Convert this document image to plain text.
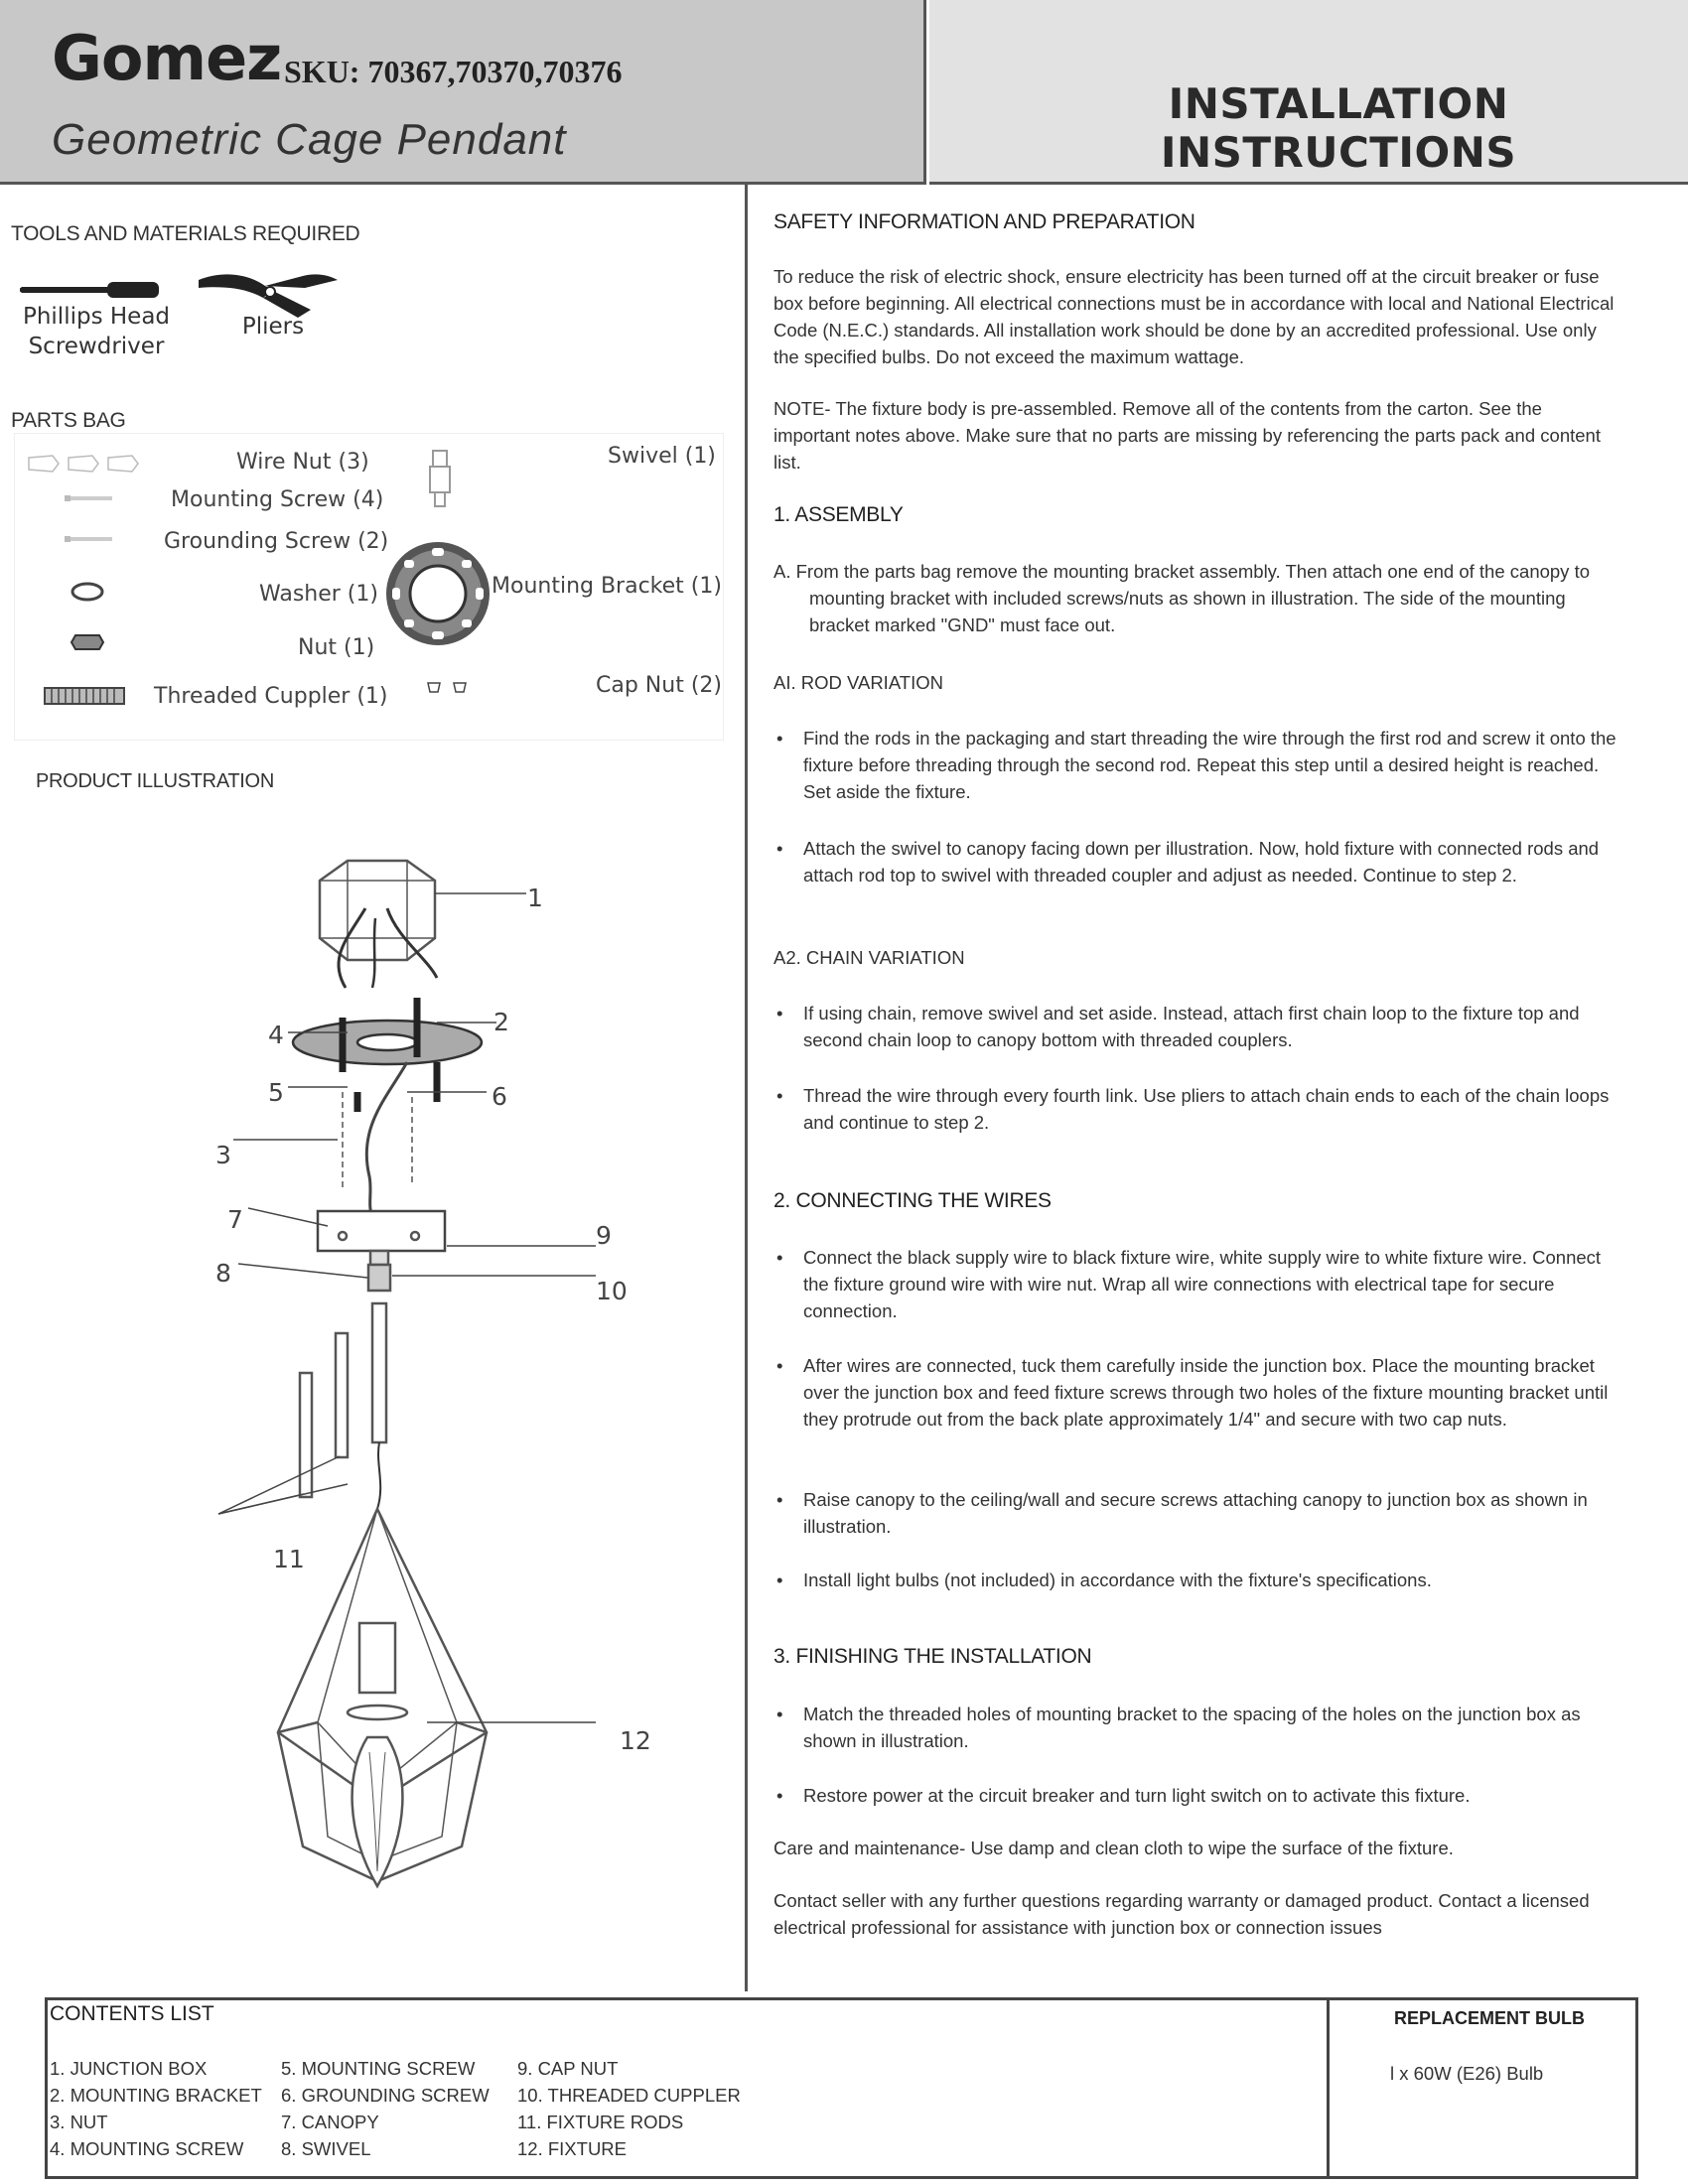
Gomez SKU: 70367,70370,70376
Geometric Cage Pendant
INSTALLATION INSTRUCTIONS
TOOLS AND MATERIALS REQUIRED
Phillips Head
Screwdriver
Pliers
PARTS BAG
Wire Nut (3)
Mounting Screw (4)
Grounding Screw (2)
Washer (1)
Nut (1)
Threaded Cuppler (1)
Swivel (1)
Mounting Bracket (1)
Cap Nut (2)
PRODUCT ILLUSTRATION
1
2
3
4
5	6
7
8
9
10
11
12
SAFETY INFORMATION AND PREPARATION
To reduce the risk of electric shock, ensure electricity has been turned off at the circuit breaker or fuse box before beginning. All electrical connections must be in accordance with local and National Electrical Code (N.E.C.) standards. All installation work should be done by an accredited professional. Use only the specified bulbs. Do not exceed the maximum wattage.
NOTE- The fixture body is pre-assembled. Remove all of the contents from the carton. See the important notes above. Make sure that no parts are missing by referencing the parts pack and content list.
1. ASSEMBLY
A. From the parts bag remove the mounting bracket assembly. Then attach one end of the canopy to mounting bracket with included screws/nuts as shown in illustration. The side of the mounting bracket marked "GND" must face out.
AI. ROD VARIATION
• Find the rods in the packaging and start threading the wire through the first rod and screw it onto the fixture before threading through the second rod. Repeat this step until a desired height is reached. Set aside the fixture.
• Attach the swivel to canopy facing down per illustration. Now, hold fixture with connected rods and attach rod top to swivel with threaded coupler and adjust as needed. Continue to step 2.
A2. CHAIN VARIATION
• If using chain, remove swivel and set aside. Instead, attach first chain loop to the fixture top and second chain loop to canopy bottom with threaded couplers.
• Thread the wire through every fourth link. Use pliers to attach chain ends to each of the chain loops and continue to step 2.
2. CONNECTING THE WIRES
• Connect the black supply wire to black fixture wire, white supply wire to white fixture wire. Connect the fixture ground wire with wire nut. Wrap all wire connections with electrical tape for secure connection.
• After wires are connected, tuck them carefully inside the junction box. Place the mounting bracket over the junction box and feed fixture screws through two holes of the fixture mounting bracket until they protrude out from the back plate approximately 1/4" and secure with two cap nuts.
• Raise canopy to the ceiling/wall and secure screws attaching canopy to junction box as shown in illustration.
• Install light bulbs (not included) in accordance with the fixture's specifications.
3. FINISHING THE INSTALLATION
• Match the threaded holes of mounting bracket to the spacing of the holes on the junction box as shown in illustration.
• Restore power at the circuit breaker and turn light switch on to activate this fixture.
Care and maintenance- Use damp and clean cloth to wipe the surface of the fixture.
Contact seller with any further questions regarding warranty or damaged product. Contact a licensed electrical professional for assistance with junction box or connection issues
CONTENTS LIST	REPLACEMENT BULB
l x 60W (E26) Bulb
1. JUNCTION BOX
2. MOUNTING BRACKET
3. NUT
4. MOUNTING SCREW
5. MOUNTING SCREW
6. GROUNDING SCREW
7. CANOPY
8. SWIVEL
9. CAP NUT
10. THREADED CUPPLER
11. FIXTURE RODS
12. FIXTURE
